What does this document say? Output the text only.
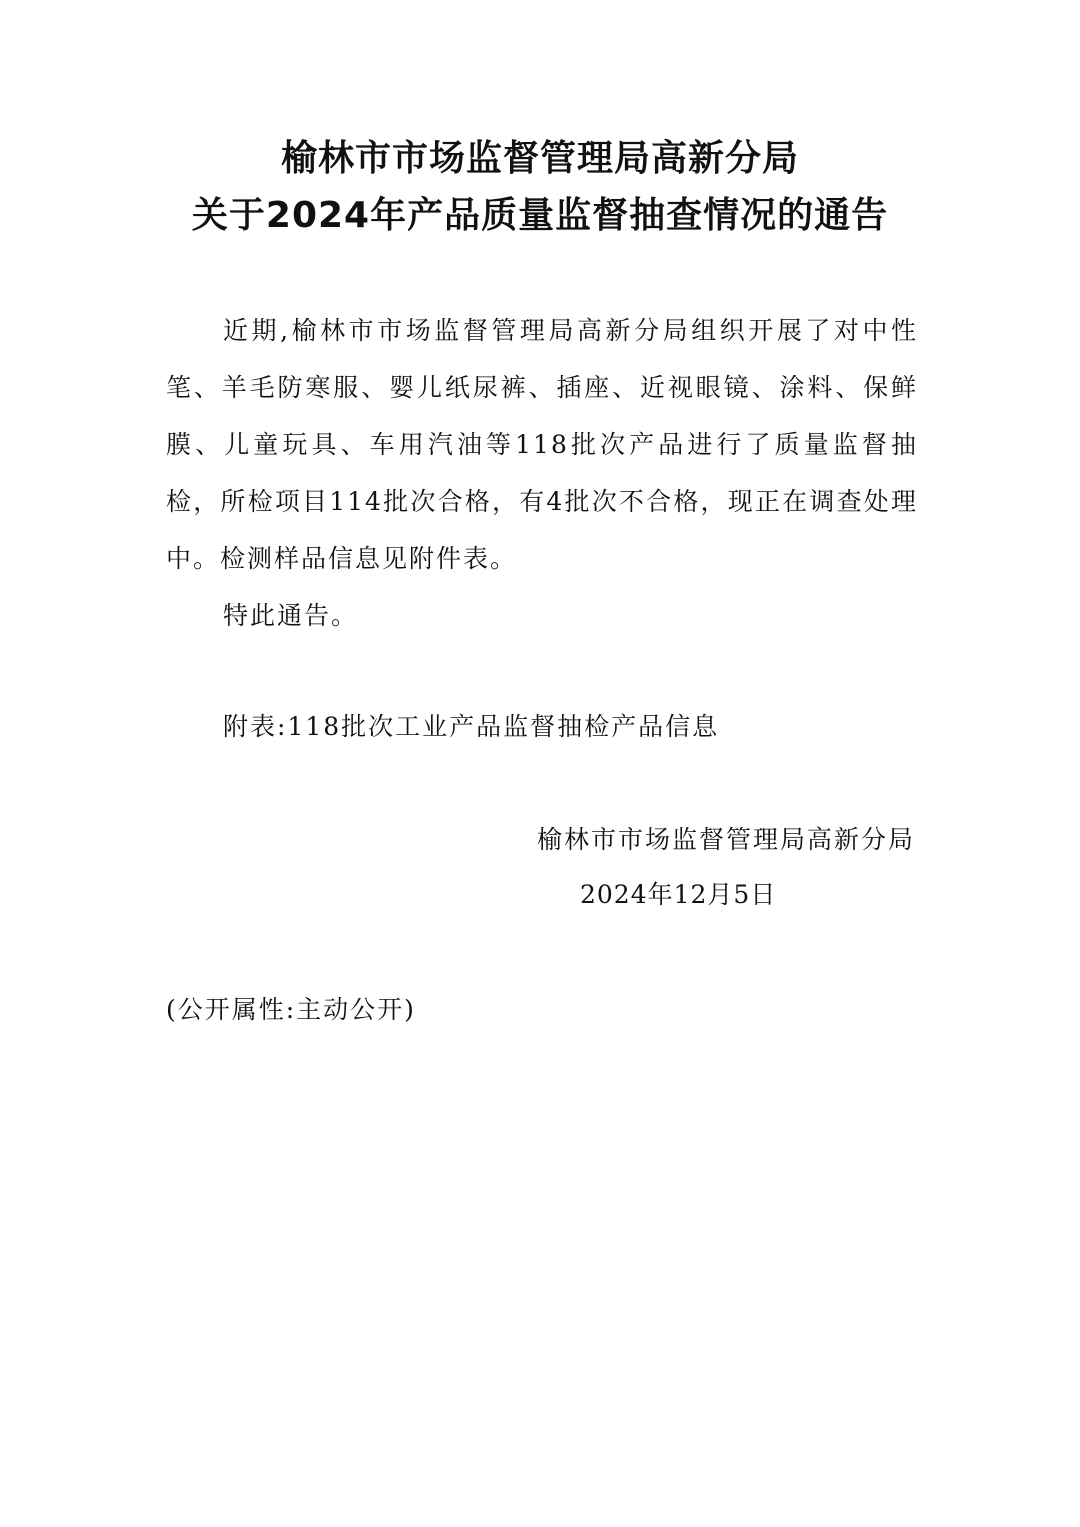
榆林市市场监督管理局高新分局
关于2024年产品质量监督抽查情况的通告

近期,榆林市市场监督管理局高新分局组织开展了对中性笔、羊毛防寒服、婴儿纸尿裤、插座、近视眼镜、涂料、保鲜膜、儿童玩具、车用汽油等118批次产品进行了质量监督抽检，所检项目114批次合格，有4批次不合格，现正在调查处理中。检测样品信息见附件表。

特此通告。

附表:118批次工业产品监督抽检产品信息

榆林市市场监督管理局高新分局

2024年12月5日

(公开属性:主动公开)
